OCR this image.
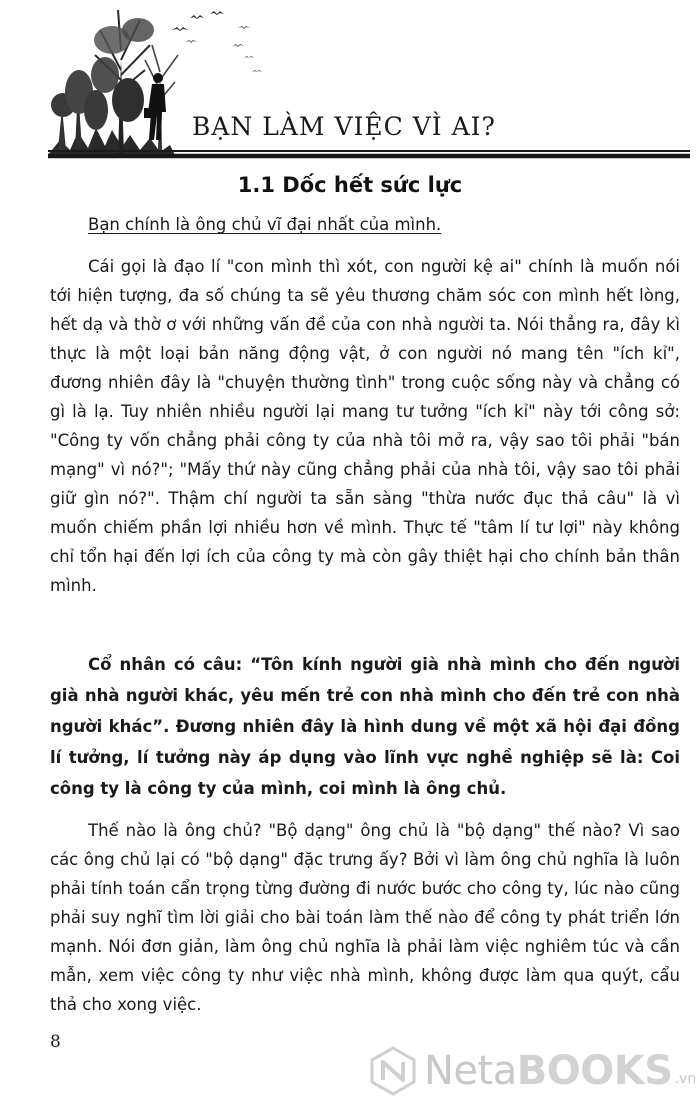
BẠN LÀM VIỆC VÌ AI?
1.1 Dốc hết sức lực
Bạn chính là ông chủ vĩ đại nhất của mình.

Cái gọi là đạo lí "con mình thì xót, con người kệ ai" chính là muốn nói tới hiện tượng, đa số chúng ta sẽ yêu thương chăm sóc con mình hết lòng, hết dạ và thờ ơ với những vấn đề của con nhà người ta. Nói thẳng ra, đây kì thực là một loại bản năng động vật, ở con người nó mang tên "ích kỉ", đương nhiên đây là "chuyện thường tình" trong cuộc sống này và chẳng có gì là lạ. Tuy nhiên nhiều người lại mang tư tưởng "ích kỉ" này tới công sở: "Công ty vốn chẳng phải công ty của nhà tôi mở ra, vậy sao tôi phải "bán mạng" vì nó?"; "Mấy thứ này cũng chẳng phải của nhà tôi, vậy sao tôi phải giữ gìn nó?". Thậm chí người ta sẵn sàng "thừa nước đục thả câu" là vì muốn chiếm phần lợi nhiều hơn về mình. Thực tế "tâm lí tư lợi" này không chỉ tổn hại đến lợi ích của công ty mà còn gây thiệt hại cho chính bản thân mình.

Cổ nhân có câu: “Tôn kính người già nhà mình cho đến người già nhà người khác, yêu mến trẻ con nhà mình cho đến trẻ con nhà người khác”. Đương nhiên đây là hình dung về một xã hội đại đồng lí tưởng, lí tưởng này áp dụng vào lĩnh vực nghề nghiệp sẽ là: Coi công ty là công ty của mình, coi mình là ông chủ.

Thế nào là ông chủ? "Bộ dạng" ông chủ là "bộ dạng" thế nào? Vì sao các ông chủ lại có "bộ dạng" đặc trưng ấy? Bởi vì làm ông chủ nghĩa là luôn phải tính toán cẩn trọng từng đường đi nước bước cho công ty, lúc nào cũng phải suy nghĩ tìm lời giải cho bài toán làm thế nào để công ty phát triển lớn mạnh. Nói đơn giản, làm ông chủ nghĩa là phải làm việc nghiêm túc và cần mẫn, xem việc công ty như việc nhà mình, không được làm qua quýt, cẩu thả cho xong việc.

8
NetaBOOKS .vn
